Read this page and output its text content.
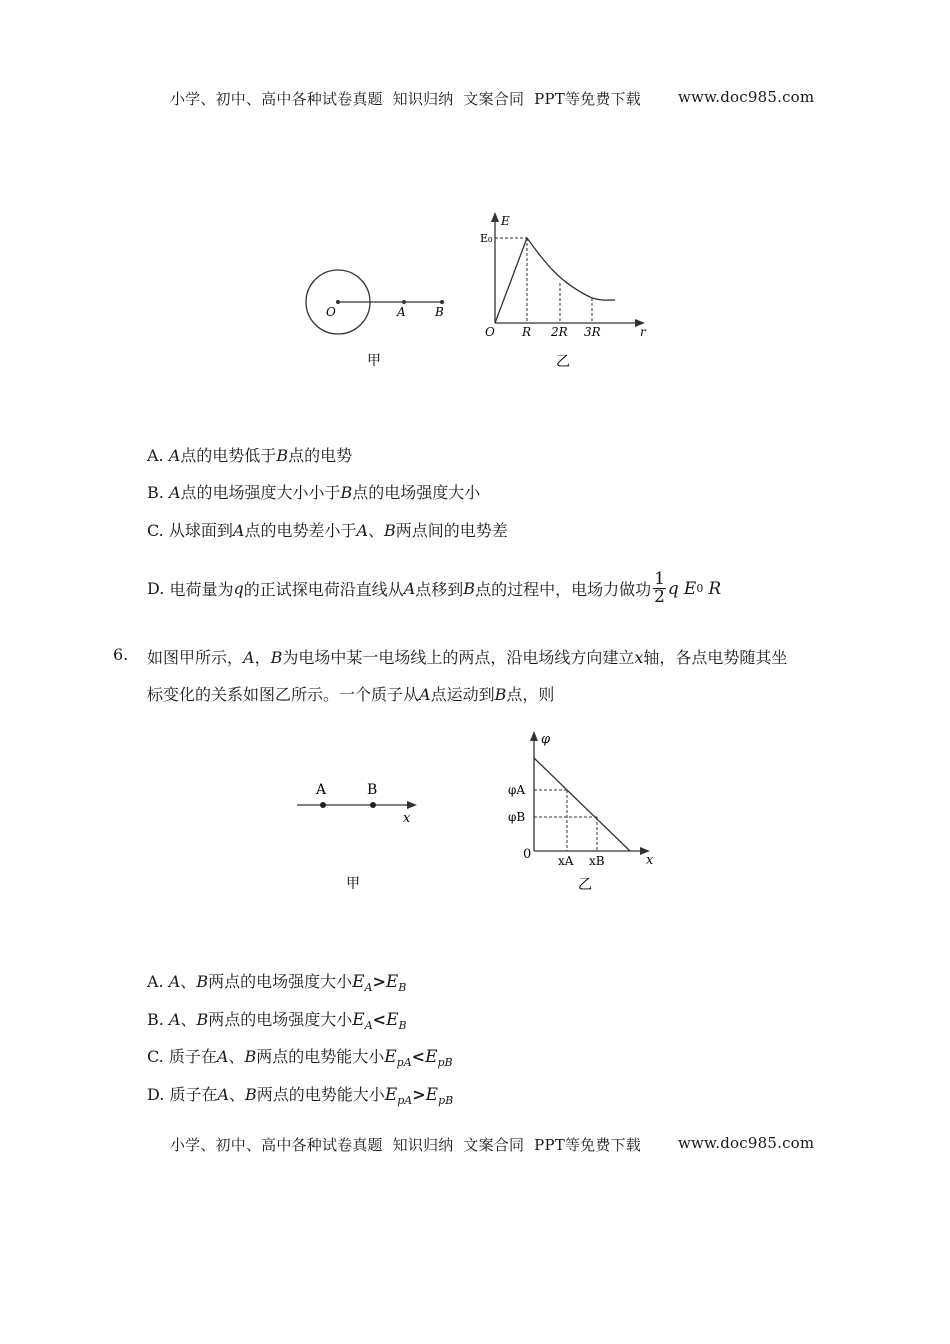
小学、初中、高中各种试卷真题  知识归纳  文案合同  PPT等免费下载	www.doc985.com

O	A B
甲
E
r
O
E₀
R 2R 3R
乙
A. A点的电势低于B点的电势
B. A点的电场强度大小小于B点的电场强度大小
C. 从球面到A点的电势差小于A、B两点间的电势差
D.
电荷量为 q 的正试探电荷沿直线从 A 点移到 B 点的过程中，电场力做功 $\frac{1}{2}$ q
E 0
R
6. 如图甲所示，A，B为电场中某一电场线上的两点，沿电场线方向建立x轴，各点电势随其坐
标变化的关系如图乙所示。一个质子从A点运动到B点，则
A	B
x
甲
φ
x
0
φA
φB
xA xB
乙
A. A、B两点的电场强度大小$E_A>E_B$
B. A、B两点的电场强度大小$E_A<E_B$
C. 质子在A、B两点的电势能大小$E_{pA}<E_{pB}$
D. 质子在A、B两点的电势能大小$E_{pA}>E_{pB}$

小学、初中、高中各种试卷真题  知识归纳  文案合同  PPT等免费下载	www.doc985.com
